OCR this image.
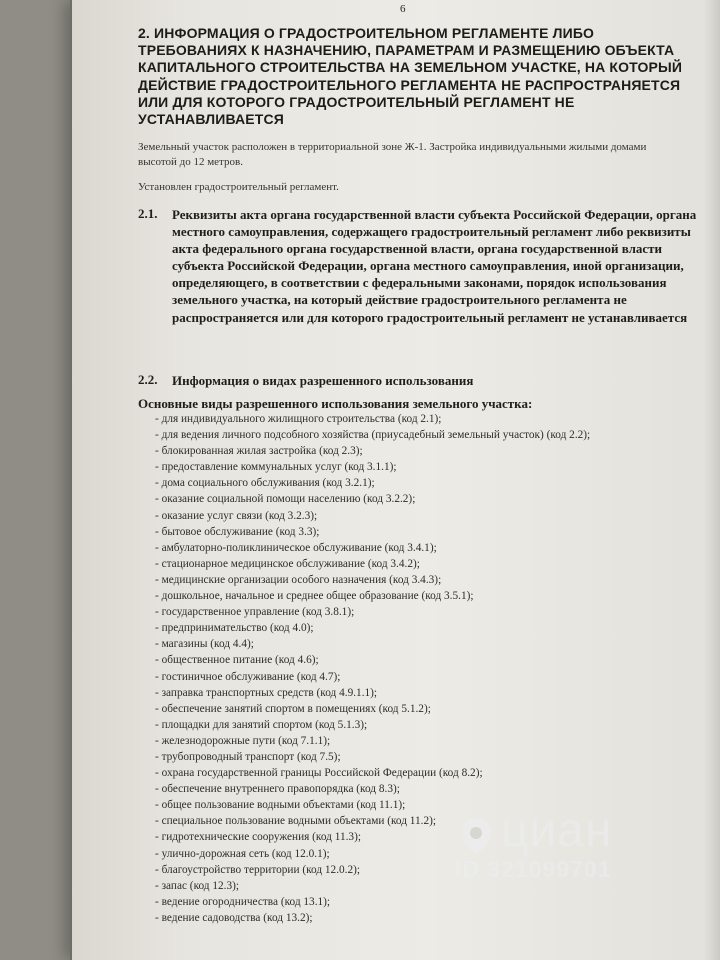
6
2. ИНФОРМАЦИЯ О ГРАДОСТРОИТЕЛЬНОМ РЕГЛАМЕНТЕ ЛИБО ТРЕБОВАНИЯХ К НАЗНАЧЕНИЮ, ПАРАМЕТРАМ И РАЗМЕЩЕНИЮ ОБЪЕКТА КАПИТАЛЬНОГО СТРОИТЕЛЬСТВА НА ЗЕМЕЛЬНОМ УЧАСТКЕ, НА КОТОРЫЙ ДЕЙСТВИЕ ГРАДОСТРОИТЕЛЬНОГО РЕГЛАМЕНТА НЕ РАСПРОСТРАНЯЕТСЯ ИЛИ ДЛЯ КОТОРОГО ГРАДОСТРОИТЕЛЬНЫЙ РЕГЛАМЕНТ НЕ УСТАНАВЛИВАЕТСЯ
Земельный участок расположен в территориальной зоне Ж-1. Застройка индивидуальными жилыми домами высотой до 12 метров.
Установлен градостроительный регламент.
2.1. Реквизиты акта органа государственной власти субъекта Российской Федерации, органа местного самоуправления, содержащего градостроительный регламент либо реквизиты акта федерального органа государственной власти, органа государственной власти субъекта Российской Федерации, органа местного самоуправления, иной организации, определяющего, в соответствии с федеральными законами, порядок использования земельного участка, на который действие градостроительного регламента не распространяется или для которого градостроительный регламент не устанавливается
2.2. Информация о видах разрешенного использования
Основные виды разрешенного использования земельного участка:
- для индивидуального жилищного строительства (код 2.1);
- для ведения личного подсобного хозяйства (приусадебный земельный участок) (код 2.2);
- блокированная жилая застройка (код 2.3);
- предоставление коммунальных услуг (код 3.1.1);
- дома социального обслуживания (код 3.2.1);
- оказание социальной помощи населению (код 3.2.2);
- оказание услуг связи (код 3.2.3);
- бытовое обслуживание (код 3.3);
- амбулаторно-поликлиническое обслуживание (код 3.4.1);
- стационарное медицинское обслуживание (код 3.4.2);
- медицинские организации особого назначения (код 3.4.3);
- дошкольное, начальное и среднее общее образование (код 3.5.1);
- государственное управление (код 3.8.1);
- предпринимательство (код 4.0);
- магазины (код 4.4);
- общественное питание (код 4.6);
- гостиничное обслуживание (код 4.7);
- заправка транспортных средств (код 4.9.1.1);
- обеспечение занятий спортом в помещениях (код 5.1.2);
- площадки для занятий спортом (код 5.1.3);
- железнодорожные пути (код 7.1.1);
- трубопроводный транспорт (код 7.5);
- охрана государственной границы Российской Федерации (код 8.2);
- обеспечение внутреннего правопорядка (код 8.3);
- общее пользование водными объектами (код 11.1);
- специальное пользование водными объектами (код 11.2);
- гидротехнические сооружения (код 11.3);
- улично-дорожная сеть (код 12.0.1);
- благоустройство территории (код 12.0.2);
- запас (код 12.3);
- ведение огородничества (код 13.1);
- ведение садоводства (код 13.2);
циан
ID 321099701
